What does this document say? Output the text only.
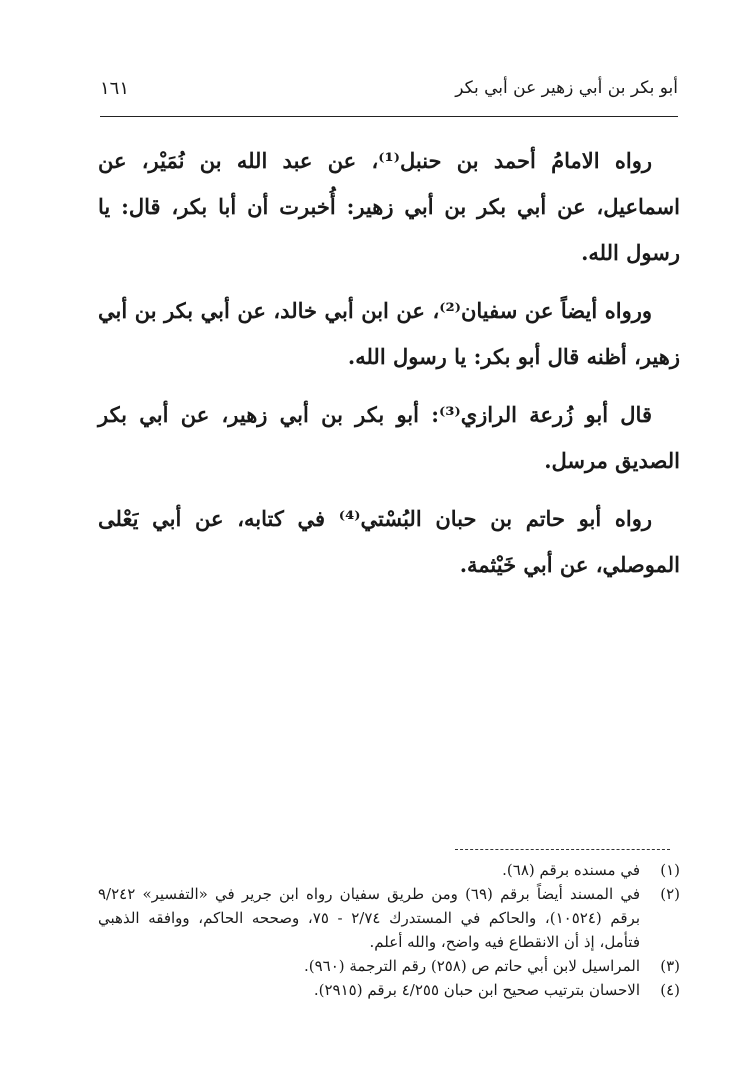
أبو بكر بن أبي زهير عن أبي بكر
١٦١

رواه الامامُ أحمد بن حنبل⁽¹⁾، عن عبد الله بن نُمَيْر، عن اسماعيل، عن أبي بكر بن أبي زهير: أُخبرت أن أبا بكر، قال: يا رسول الله.

ورواه أيضاً عن سفيان⁽²⁾، عن ابن أبي خالد، عن أبي بكر بن أبي زهير، أظنه قال أبو بكر: يا رسول الله.

قال أبو زُرعة الرازي⁽³⁾: أبو بكر بن أبي زهير، عن أبي بكر الصديق مرسل.

رواه أبو حاتم بن حبان البُسْتي⁽⁴⁾ في كتابه، عن أبي يَعْلى الموصلي، عن أبي خَيْثمة.

(١)
في مسنده برقم (٦٨).
(٢)
في المسند أيضاً برقم (٦٩) ومن طريق سفيان رواه ابن جرير في «التفسير» ٩/٢٤٢ برقم (١٠٥٢٤)، والحاكم في المستدرك ٢/٧٤ - ٧٥، وصححه الحاكم، ووافقه الذهبي فتأمل، إذ أن الانقطاع فيه واضح، والله أعلم.
(٣)
المراسيل لابن أبي حاتم ص (٢٥٨) رقم الترجمة (٩٦٠).
(٤)
الاحسان بترتيب صحيح ابن حبان ٤/٢٥٥ برقم (٢٩١٥).
